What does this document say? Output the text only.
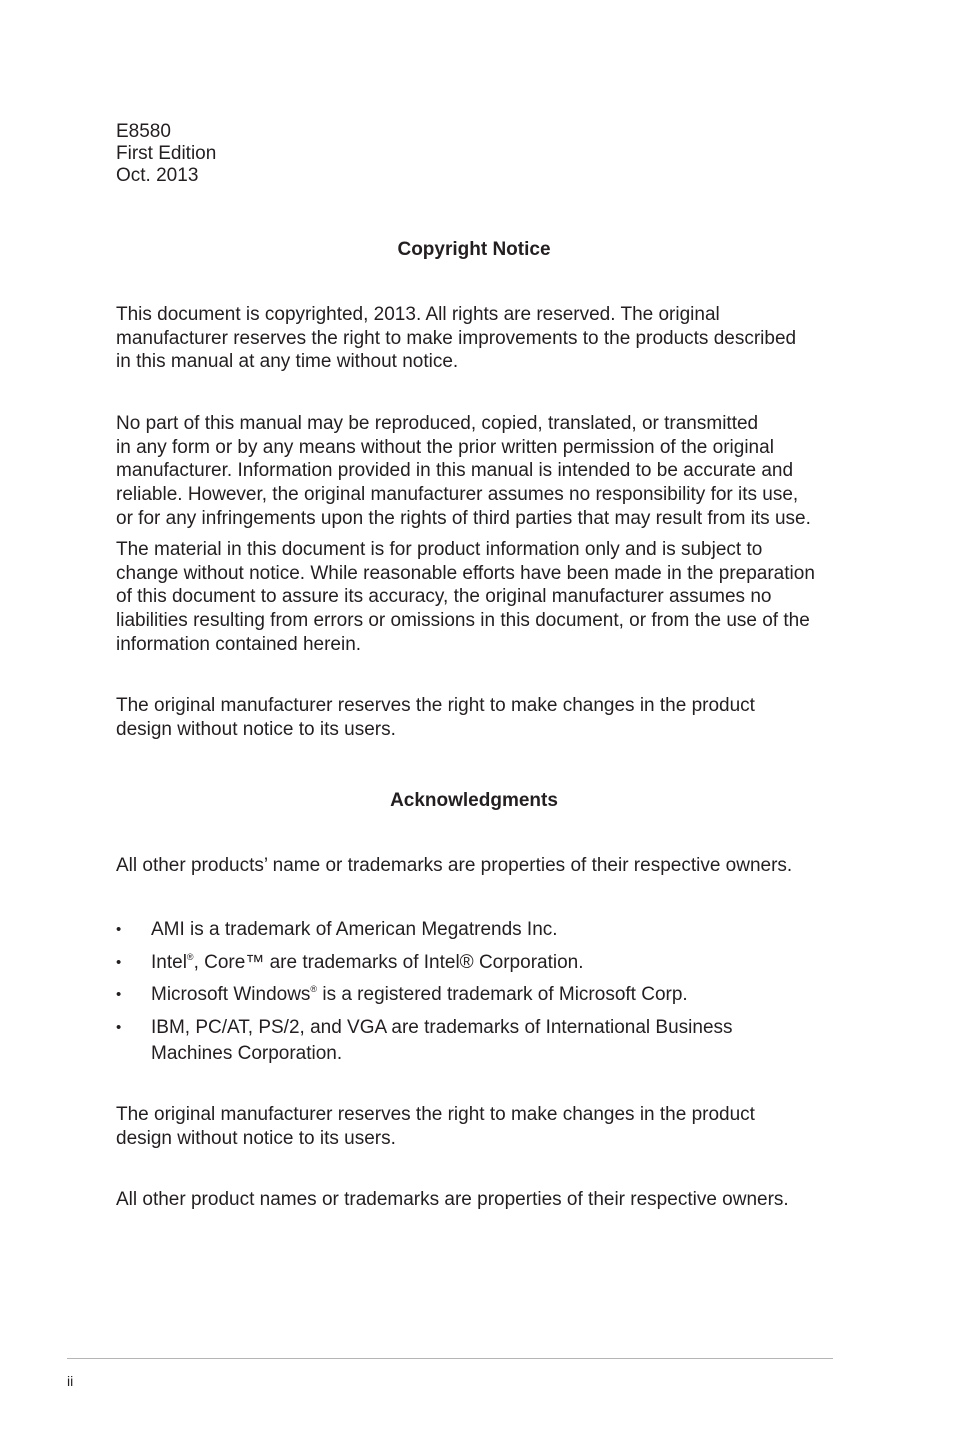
E8580
First Edition
Oct. 2013
Copyright Notice

This document is copyrighted, 2013. All rights are reserved. The original
manufacturer reserves the right to make improvements to the products described
in this manual at any time without notice.

No part of this manual may be reproduced, copied, translated, or transmitted
in any form or by any means without the prior written permission of the original
manufacturer. Information provided in this manual is intended to be accurate and
reliable. However, the original manufacturer assumes no responsibility for its use,
or for any infringements upon the rights of third parties that may result from its use.

The material in this document is for product information only and is subject to
change without notice. While reasonable efforts have been made in the preparation
of this document to assure its accuracy, the original manufacturer assumes no
liabilities resulting from errors or omissions in this document, or from the use of the
information contained herein.

The original manufacturer reserves the right to make changes in the product
design without notice to its users.

Acknowledgments

All other products’ name or trademarks are properties of their respective owners.

•	AMI is a trademark of American Megatrends Inc.
•	Intel®, Core™ are trademarks of Intel® Corporation.
•	Microsoft Windows® is a registered trademark of Microsoft Corp.
•	IBM, PC/AT, PS/2, and VGA are trademarks of International Business
Machines Corporation.

The original manufacturer reserves the right to make changes in the product
design without notice to its users.

All other product names or trademarks are properties of their respective owners.

ii
